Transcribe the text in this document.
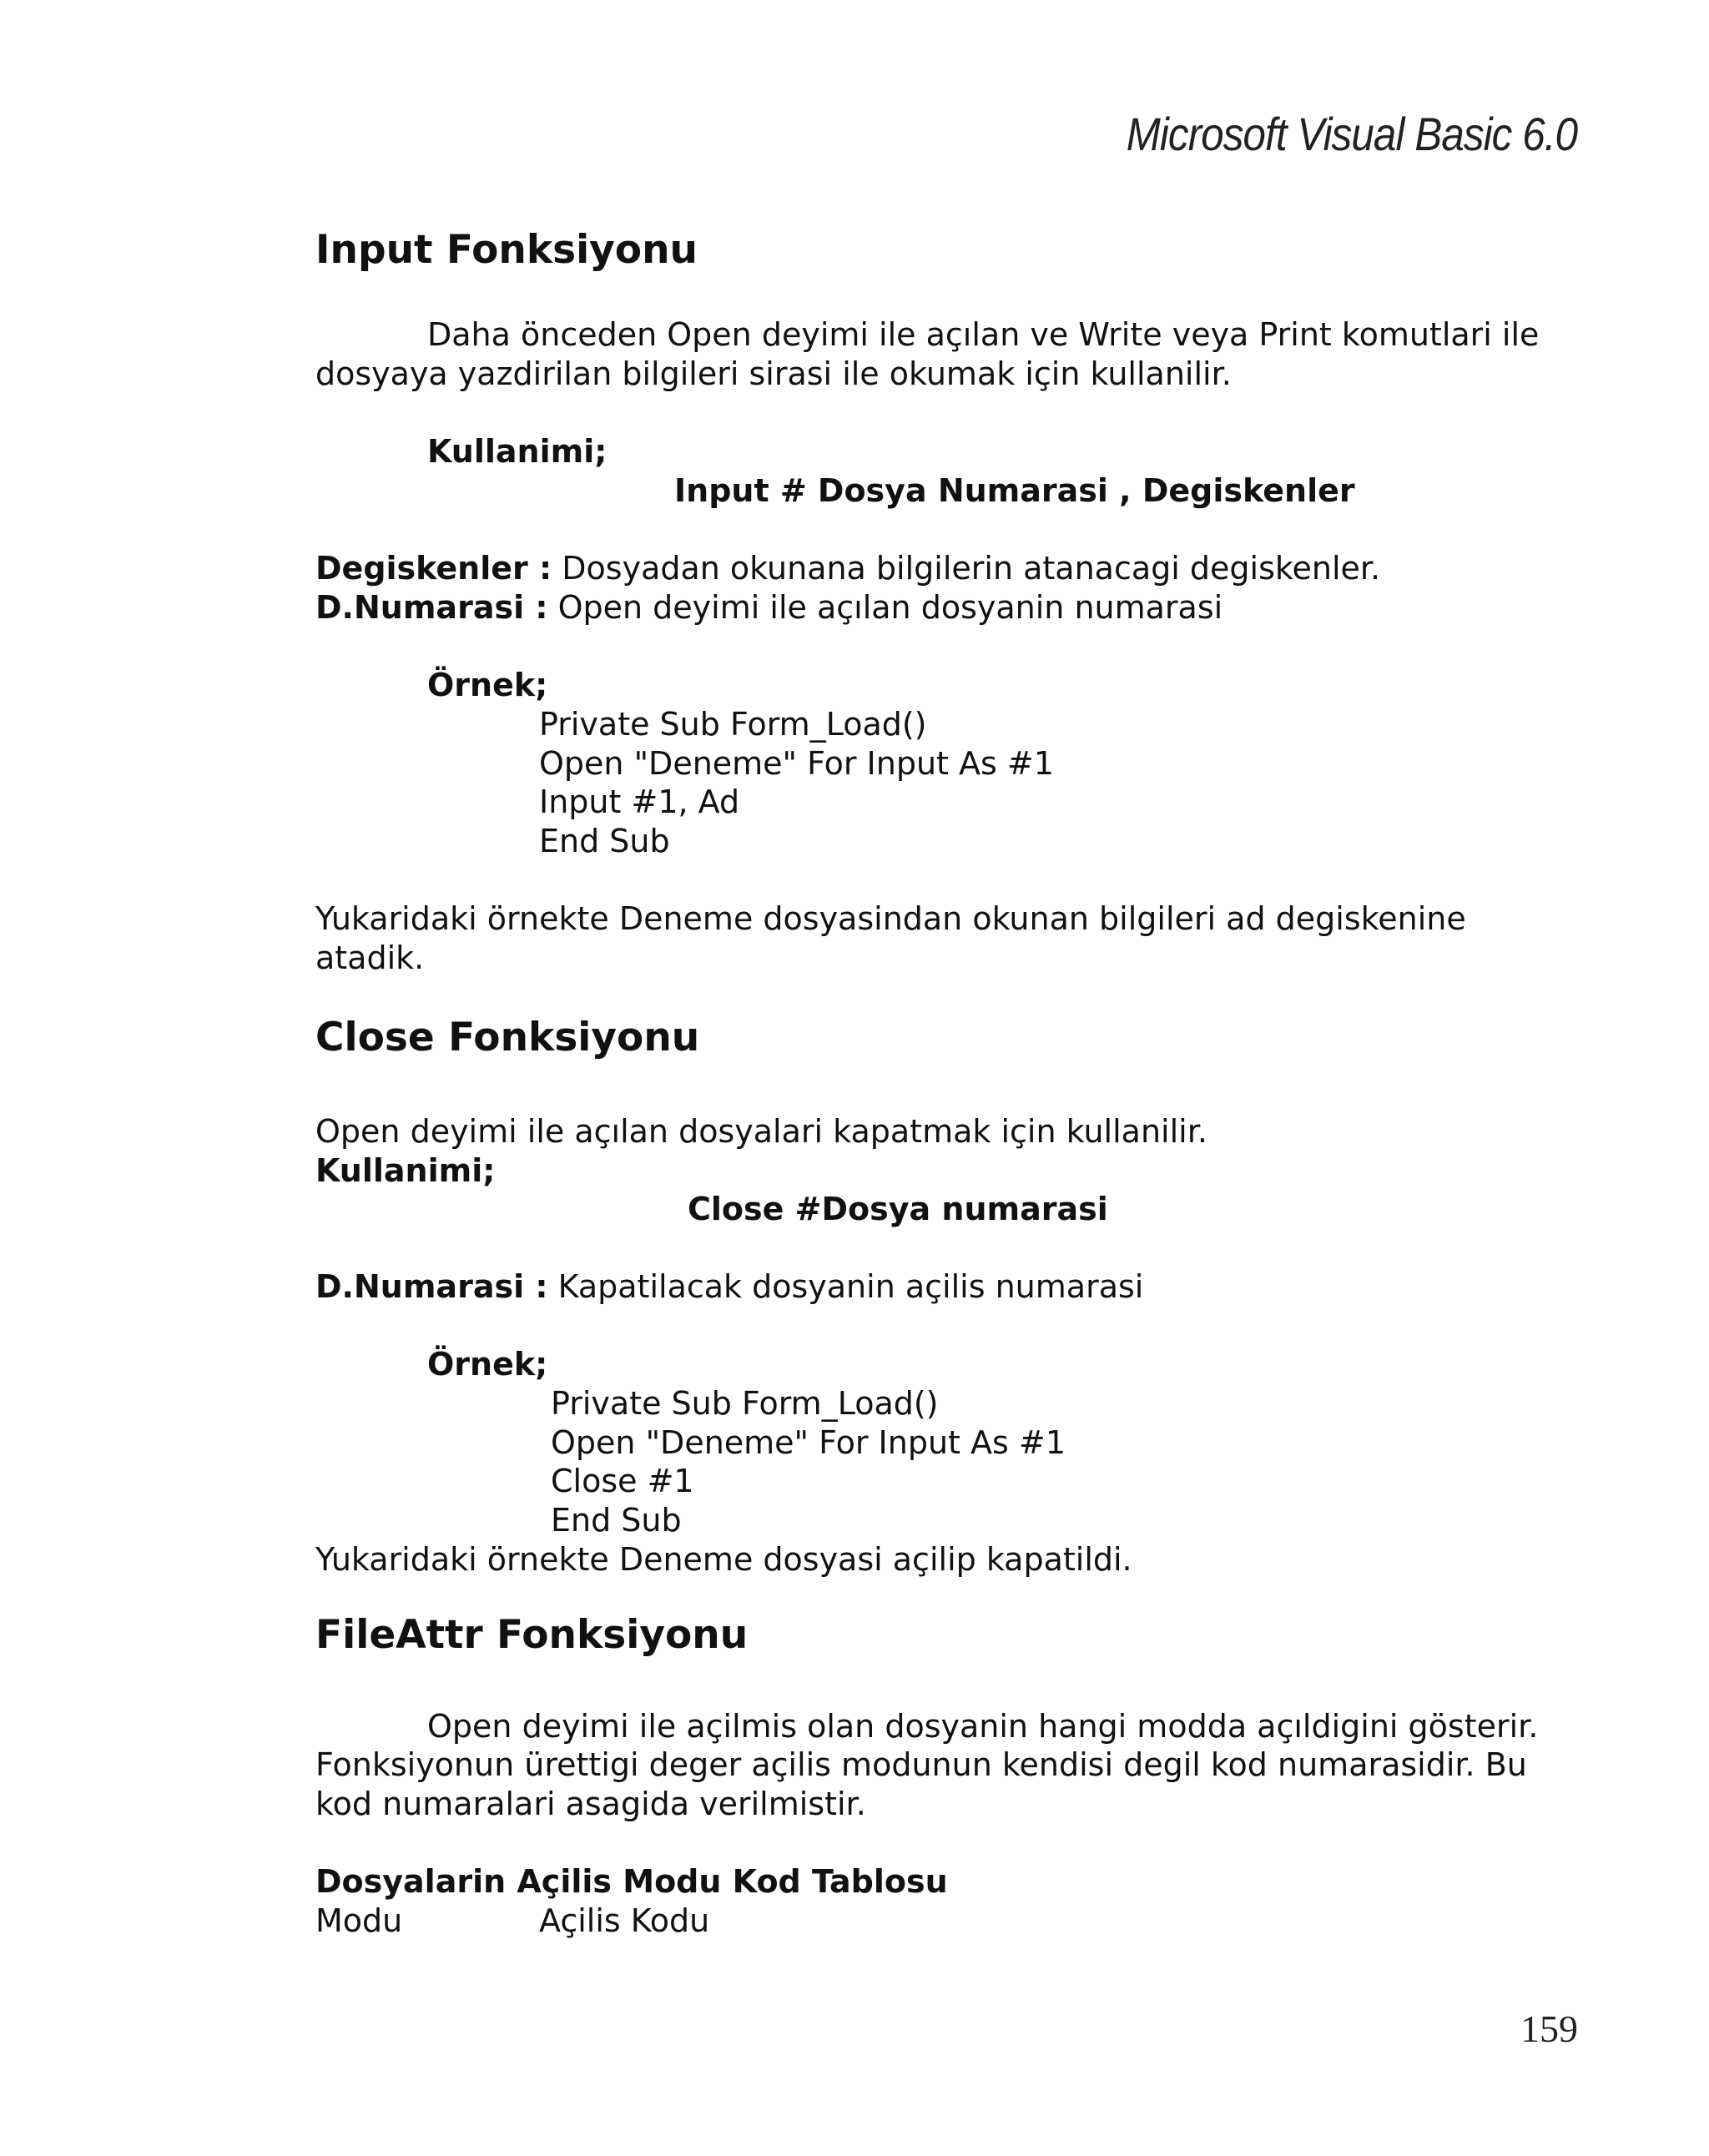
Microsoft Visual Basic 6.0
Input Fonksiyonu
Daha önceden Open deyimi ile açılan ve Write veya Print komutlari ile
dosyaya yazdirilan bilgileri sirasi ile okumak için kullanilir.
Kullanimi;
Input # Dosya Numarasi , Degiskenler
Degiskenler : Dosyadan okunana bilgilerin atanacagi degiskenler.
D.Numarasi : Open deyimi ile açılan dosyanin numarasi
Örnek;
Private Sub Form_Load()
Open "Deneme" For Input As #1
Input #1, Ad
End Sub
Yukaridaki örnekte Deneme dosyasindan okunan bilgileri ad degiskenine
atadik.
Close Fonksiyonu
Open deyimi ile açılan dosyalari kapatmak için kullanilir.
Kullanimi;
Close #Dosya numarasi
D.Numarasi : Kapatilacak dosyanin açilis numarasi
Örnek;
Private Sub Form_Load()
Open "Deneme" For Input As #1
Close #1
End Sub
Yukaridaki örnekte Deneme dosyasi açilip kapatildi.
FileAttr Fonksiyonu
Open deyimi ile açilmis olan dosyanin hangi modda açıldigini gösterir.
Fonksiyonun ürettigi deger açilis modunun kendisi degil kod numarasidir. Bu
kod numaralari asagida verilmistir.
Dosyalarin Açilis Modu Kod Tablosu
Modu	Açilis Kodu
159
